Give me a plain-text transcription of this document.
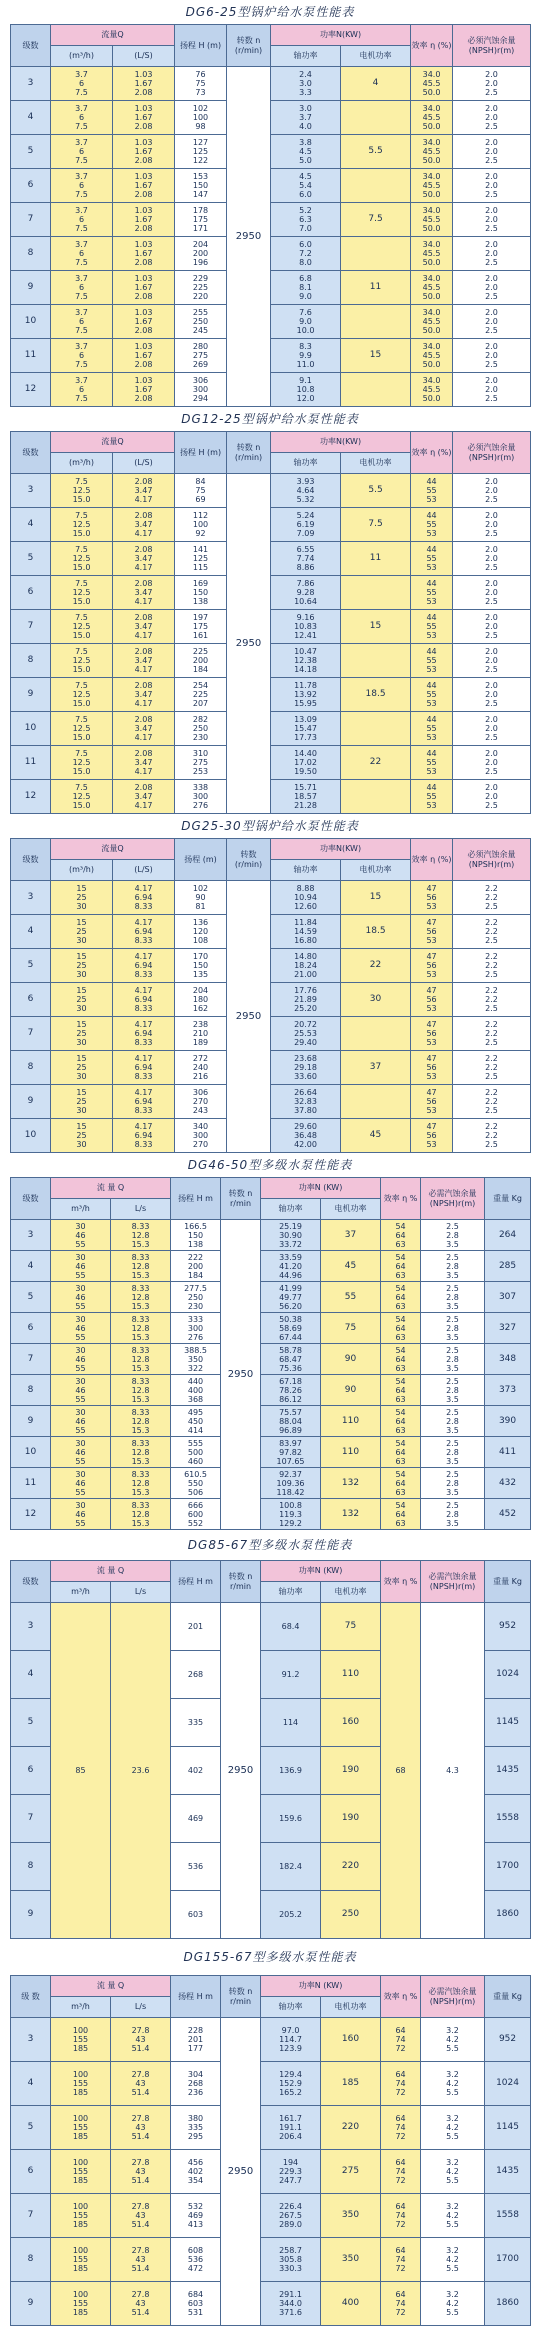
DG6-25型锅炉给水泵性能表
级数	流量Q		扬程 H (m)	转数 n (r/min)	功率N(KW)		效率 η (%)	必须汽蚀余量 (NPSH)r(m)
	(m³/h)	(L/S)			轴功率	电机功率		
3	3.7
6
7.5	1.03
1.67
2.08	76
75
73	2950	2.4
3.0
3.3	4	34.0
45.5
50.0	2.0
2.0
2.5

4	3.7
6
7.5	1.03
1.67
2.08	102
100
98		3.0
3.7
4.0		34.0
45.5
50.0	2.0
2.0
2.5

5	3.7
6
7.5	1.03
1.67
2.08	127
125
122		3.8
4.5
5.0	5.5	34.0
45.5
50.0	2.0
2.0
2.5

6	3.7
6
7.5	1.03
1.67
2.08	153
150
147		4.5
5.4
6.0		34.0
45.5
50.0	2.0
2.0
2.5

7	3.7
6
7.5	1.03
1.67
2.08	178
175
171		5.2
6.3
7.0	7.5	34.0
45.5
50.0	2.0
2.0
2.5

8	3.7
6
7.5	1.03
1.67
2.08	204
200
196		6.0
7.2
8.0		34.0
45.5
50.0	2.0
2.0
2.5

9	3.7
6
7.5	1.03
1.67
2.08	229
225
220		6.8
8.1
9.0	11	34.0
45.5
50.0	2.0
2.0
2.5

10	3.7
6
7.5	1.03
1.67
2.08	255
250
245		7.6
9.0
10.0		34.0
45.5
50.0	2.0
2.0
2.5

11	3.7
6
7.5	1.03
1.67
2.08	280
275
269		8.3
9.9
11.0	15	34.0
45.5
50.0	2.0
2.0
2.5

12	3.7
6
7.5	1.03
1.67
2.08	306
300
294		9.1
10.8
12.0		34.0
45.5
50.0	2.0
2.0
2.5
DG12-25型锅炉给水泵性能表
级数	流量Q		扬程 H (m)	转数 n (r/min)	功率N(KW)		效率 η (%)	必须汽蚀余量 (NPSH)r(m)
	(m³/h)	(L/S)			轴功率	电机功率		
3	7.5
12.5
15.0	2.08
3.47
4.17	84
75
69	2950	3.93
4.64
5.32	5.5	44
55
53	2.0
2.0
2.5

4	7.5
12.5
15.0	2.08
3.47
4.17	112
100
92		5.24
6.19
7.09	7.5	44
55
53	2.0
2.0
2.5

5	7.5
12.5
15.0	2.08
3.47
4.17	141
125
115		6.55
7.74
8.86	11	44
55
53	2.0
2.0
2.5

6	7.5
12.5
15.0	2.08
3.47
4.17	169
150
138		7.86
9.28
10.64		44
55
53	2.0
2.0
2.5

7	7.5
12.5
15.0	2.08
3.47
4.17	197
175
161		9.16
10.83
12.41	15	44
55
53	2.0
2.0
2.5

8	7.5
12.5
15.0	2.08
3.47
4.17	225
200
184		10.47
12.38
14.18		44
55
53	2.0
2.0
2.5

9	7.5
12.5
15.0	2.08
3.47
4.17	254
225
207		11.78
13.92
15.95	18.5	44
55
53	2.0
2.0
2.5

10	7.5
12.5
15.0	2.08
3.47
4.17	282
250
230		13.09
15.47
17.73		44
55
53	2.0
2.0
2.5

11	7.5
12.5
15.0	2.08
3.47
4.17	310
275
253		14.40
17.02
19.50	22	44
55
53	2.0
2.0
2.5

12	7.5
12.5
15.0	2.08
3.47
4.17	338
300
276		15.71
18.57
21.28		44
55
53	2.0
2.0
2.5
DG25-30型锅炉给水泵性能表
级数	流量Q		扬程 (m)	转数 (r/min)	功率N(KW)		效率 η (%)	必须汽蚀余量 (NPSH)r(m)
	(m³/h)	(L/S)			轴功率	电机功率		
3	15
25
30	4.17
6.94
8.33	102
90
81	2950	8.88
10.94
12.60	15	47
56
53	2.2
2.2
2.5

4	15
25
30	4.17
6.94
8.33	136
120
108		11.84
14.59
16.80	18.5	47
56
53	2.2
2.2
2.5

5	15
25
30	4.17
6.94
8.33	170
150
135		14.80
18.24
21.00	22	47
56
53	2.2
2.2
2.5

6	15
25
30	4.17
6.94
8.33	204
180
162		17.76
21.89
25.20	30	47
56
53	2.2
2.2
2.5

7	15
25
30	4.17
6.94
8.33	238
210
189		20.72
25.53
29.40		47
56
53	2.2
2.2
2.5

8	15
25
30	4.17
6.94
8.33	272
240
216		23.68
29.18
33.60	37	47
56
53	2.2
2.2
2.5

9	15
25
30	4.17
6.94
8.33	306
270
243		26.64
32.83
37.80		47
56
53	2.2
2.2
2.5

10	15
25
30	4.17
6.94
8.33	340
300
270		29.60
36.48
42.00	45	47
56
53	2.2
2.2
2.5
DG46-50型多级水泵性能表
级数	流 量 Q		扬程 H m	转数 n r/min	功率N (KW)		效率 η %	必需汽蚀余量 (NPSH)r(m)	重量 Kg
	m³/h	L/s			轴功率	电机功率			
3	30
46
55	8.33
12.8
15.3	166.5
150
138	2950	25.19
30.90
33.72	37	54
64
63	2.5
2.8
3.5	264
4	30
46
55	8.33
12.8
15.3	222
200
184		33.59
41.20
44.96	45	54
64
63	2.5
2.8
3.5	285
5	30
46
55	8.33
12.8
15.3	277.5
250
230		41.99
49.77
56.20	55	54
64
63	2.5
2.8
3.5	307
6	30
46
55	8.33
12.8
15.3	333
300
276		50.38
58.69
67.44	75	54
64
63	2.5
2.8
3.5	327
7	30
46
55	8.33
12.8
15.3	388.5
350
322		58.78
68.47
75.36	90	54
64
63	2.5
2.8
3.5	348
8	30
46
55	8.33
12.8
15.3	440
400
368		67.18
78.26
86.12	90	54
64
63	2.5
2.8
3.5	373
9	30
46
55	8.33
12.8
15.3	495
450
414		75.57
88.04
96.89	110	54
64
63	2.5
2.8
3.5	390
10	30
46
55	8.33
12.8
15.3	555
500
460		83.97
97.82
107.65	110	54
64
63	2.5
2.8
3.5	411
11	30
46
55	8.33
12.8
15.3	610.5
550
506		92.37
109.36
118.42	132	54
64
63	2.5
2.8
3.5	432
12	30
46
55	8.33
12.8
15.3	666
600
552		100.8
119.3
129.2	132	54
64
63	2.5
2.8
3.5	452
DG85-67型多级水泵性能表
级数	流 量 Q		扬程 H m	转数 n r/min	功率N (KW)		效率 η %	必需汽蚀余量 (NPSH)r(m)	重量 Kg
	m³/h	L/s			轴功率	电机功率			
3	85	23.6	201	2950	68.4	75	68	4.3	952
4			268		91.2	110			1024
5			335		114	160			1145
6			402		136.9	190			1435
7			469		159.6	190			1558
8			536		182.4	220			1700
9			603		205.2	250			1860
DG155-67型多级水泵性能表
级 数	流 量 Q		扬程 H m	转数 n r/min	功率N (KW)		效率 η %	必需汽蚀余量 (NPSH)r(m)	重量 Kg
	m³/h	L/s			轴功率	电机功率			
3	100
155
185	27.8
43
51.4	228
201
177	2950	97.0
114.7
123.9	160	64
74
72	3.2
4.2
5.5	952
4	100
155
185	27.8
43
51.4	304
268
236		129.4
152.9
165.2	185	64
74
72	3.2
4.2
5.5	1024
5	100
155
185	27.8
43
51.4	380
335
295		161.7
191.1
206.4	220	64
74
72	3.2
4.2
5.5	1145
6	100
155
185	27.8
43
51.4	456
402
354		194
229.3
247.7	275	64
74
72	3.2
4.2
5.5	1435
7	100
155
185	27.8
43
51.4	532
469
413		226.4
267.5
289.0	350	64
74
72	3.2
4.2
5.5	1558
8	100
155
185	27.8
43
51.4	608
536
472		258.7
305.8
330.3	350	64
74
72	3.2
4.2
5.5	1700
9	100
155
185	27.8
43
51.4	684
603
531		291.1
344.0
371.6	400	64
74
72	3.2
4.2
5.5	1860
